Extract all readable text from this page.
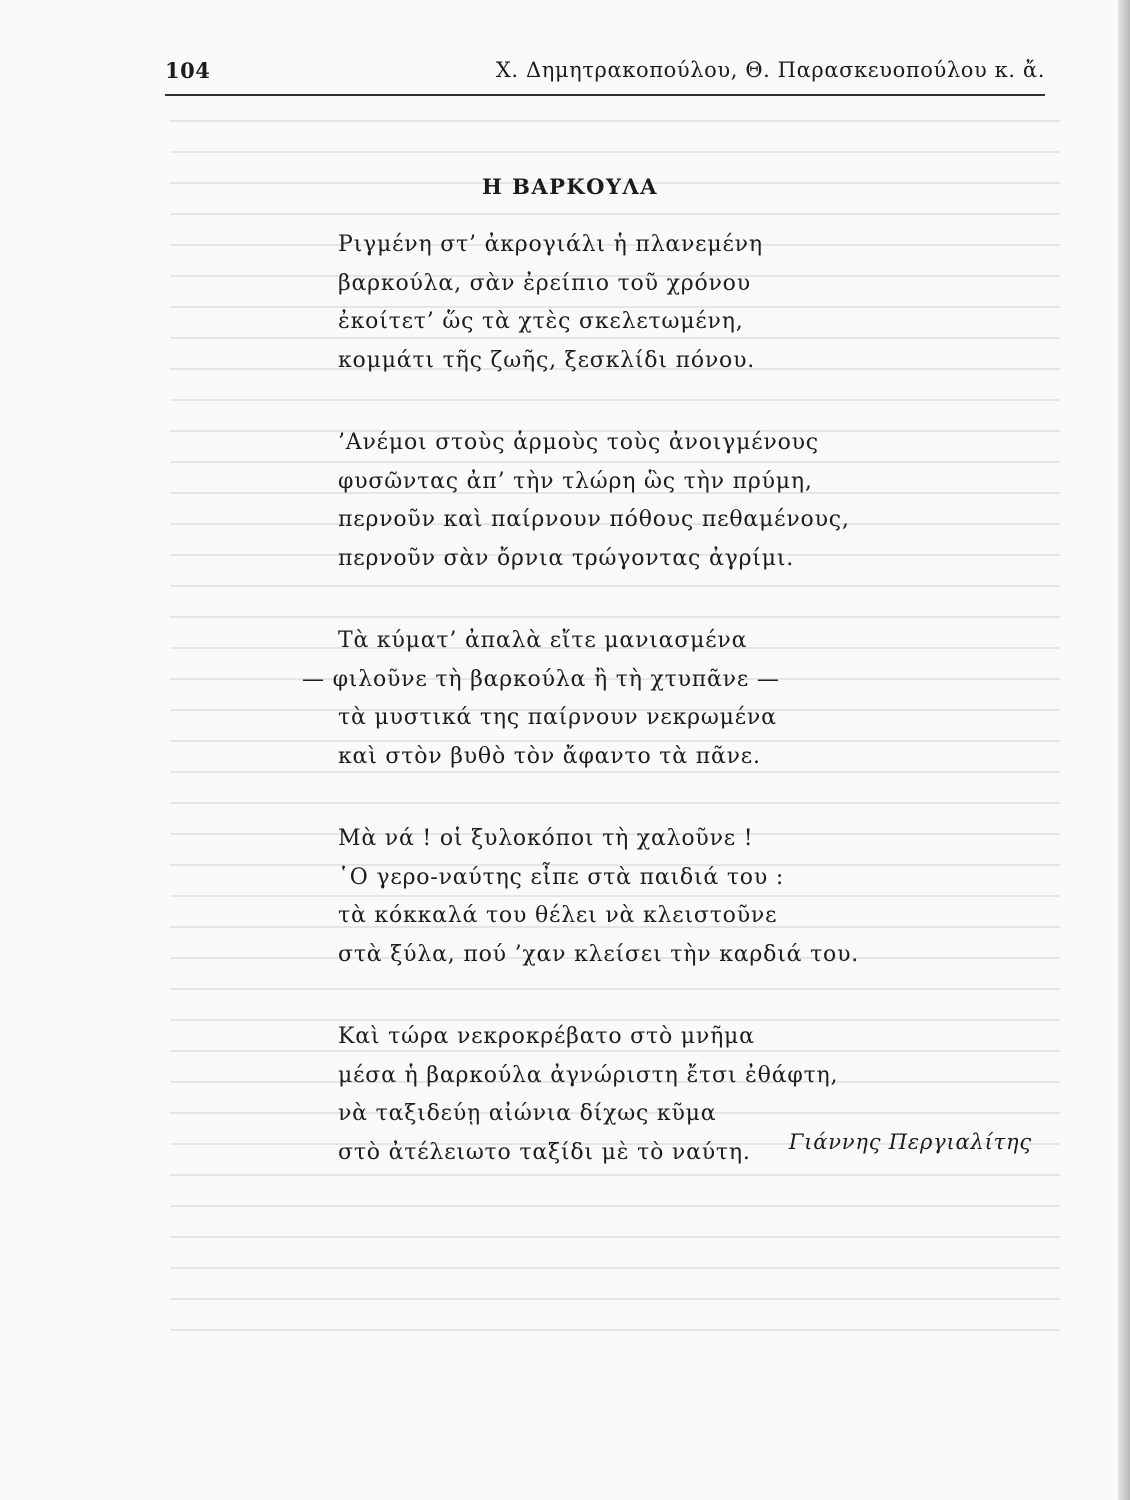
104	Χ. Δημητρακοπούλου, Θ. Παρασκευοπούλου κ. ἄ.
Η ΒΑΡΚΟΥΛΑ
Ριγμένη στ’ ἀκρογιάλι ἡ πλανεμένη
βαρκούλα, σὰν ἐρείπιο τοῦ χρόνου
ἐκοίτετ’ ὥς τὰ χτὲς σκελετωμένη,
κομμάτι τῆς ζωῆς, ξεσκλίδι πόνου.
’Ανέμοι στοὺς ἁρμοὺς τοὺς ἀνοιγμένους
φυσῶντας ἀπ’ τὴν τλώρη ὣς τὴν πρύμη,
περνοῦν καὶ παίρνουν πόθους πεθαμένους,
περνοῦν σὰν ὄρνια τρώγοντας ἀγρίμι.
Τὰ κύματ’ ἀπαλὰ εἴτε μανιασμένα
— φιλοῦνε τὴ βαρκούλα ἢ τὴ χτυπᾶνε —
τὰ μυστικά της παίρνουν νεκρωμένα
καὶ στὸν βυθὸ τὸν ἄφαντο τὰ πᾶνε.
Μὰ νά ! οἱ ξυλοκόποι τὴ χαλοῦνε !
῾Ο γερο-ναύτης εἶπε στὰ παιδιά του :
τὰ κόκκαλά του θέλει νὰ κλειστοῦνε
στὰ ξύλα, πού ’χαν κλείσει τὴν καρδιά του.
Καὶ τώρα νεκροκρέβατο στὸ μνῆμα
μέσα ἡ βαρκούλα ἀγνώριστη ἔτσι ἐθάφτη,
νὰ ταξιδεύῃ αἰώνια δίχως κῦμα
στὸ ἀτέλειωτο ταξίδι μὲ τὸ ναύτη.	Γιάννης Περγιαλίτης
